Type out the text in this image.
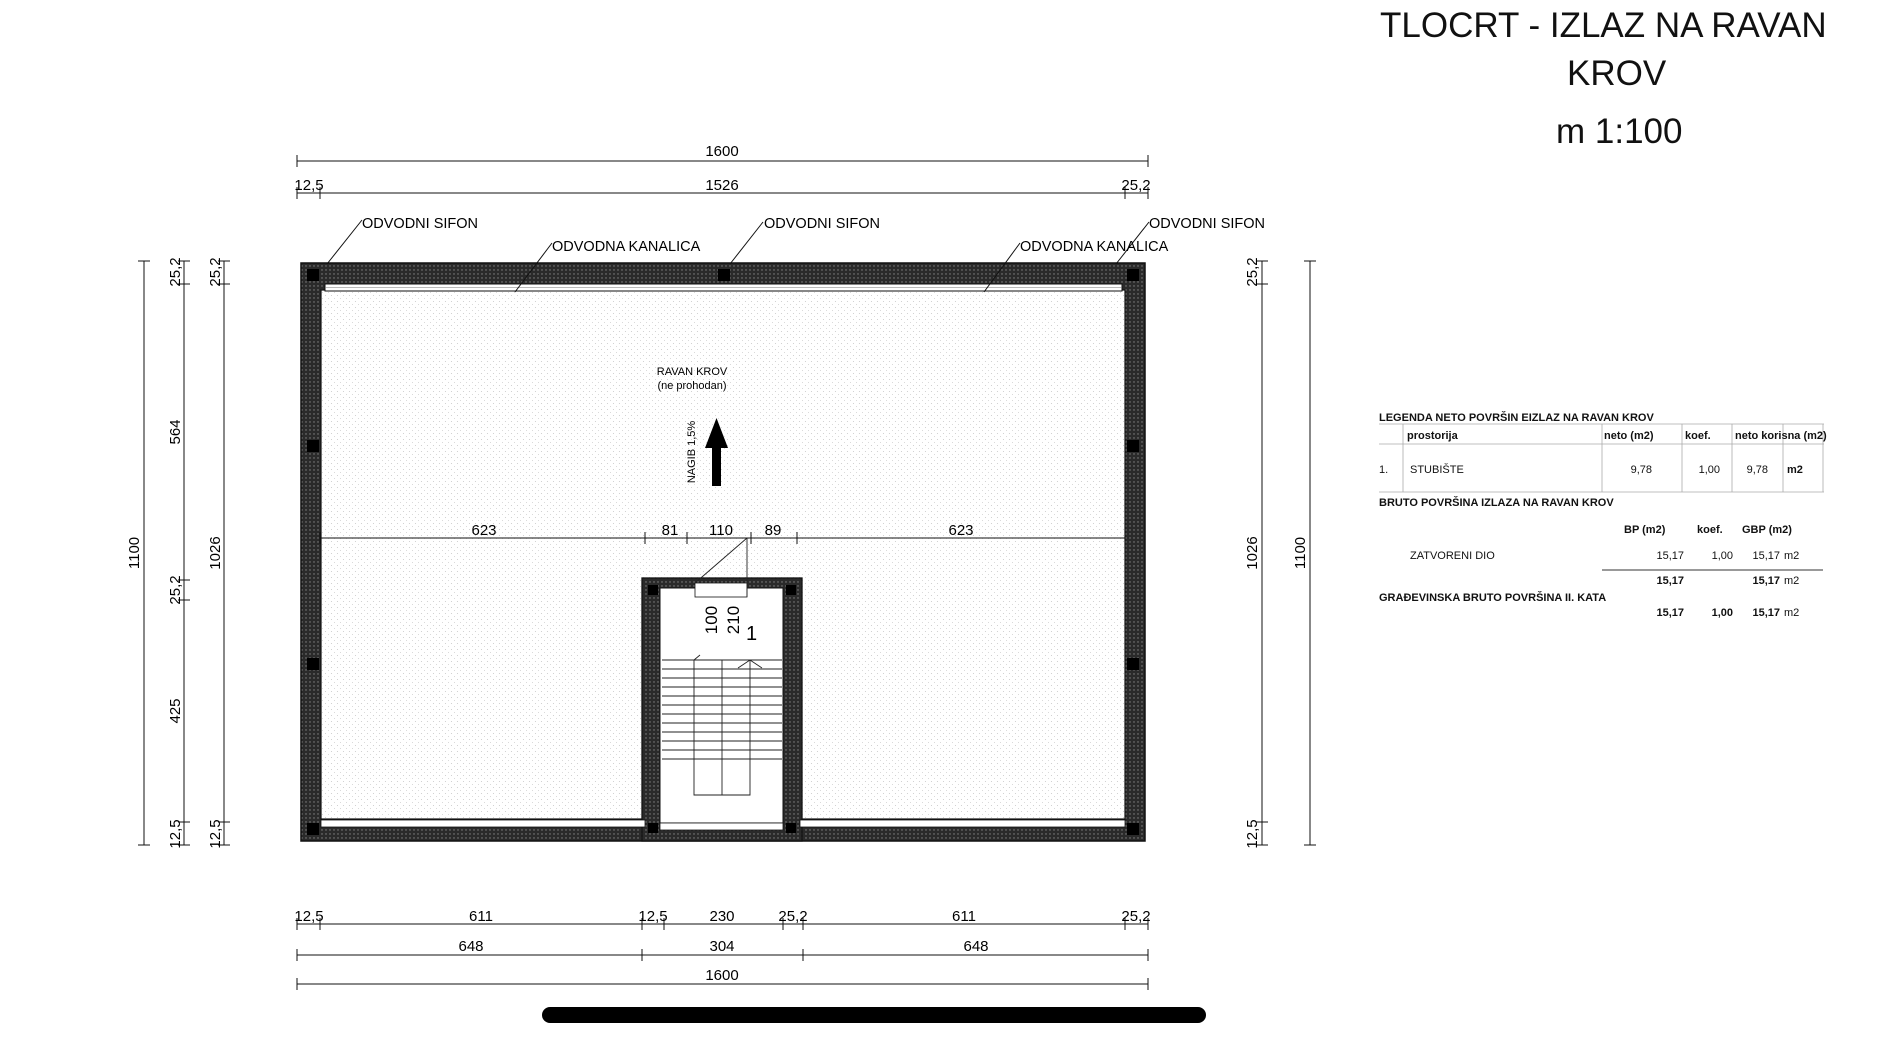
TLOCRT - IZLAZ NA RAVAN
KROV
m 1:100
1600
12,5	1526	25,2
623	81 110 89	623
12,5	611	12,5	230	25,2	611	25,2
648	304	648
1600
1100	1026
25,2 25,2
564
25,2
425
12,5 12,5
1026 1100
25,2
12,5
ODVODNI SIFON
ODVODNA KANALICA
ODVODNI SIFON
ODVODNA KANALICA
ODVODNI SIFON
RAVAN KROV
(ne prohodan)
NAGIB 1,5%
100 210 1
LEGENDA NETO POVRŠIN EIZLAZ NA RAVAN KROV
prostorija	neto (m2)	koef. neto korisna (m2)
1. STUBIŠTE	9,78	1,00 9,78 m2
BRUTO POVRŠINA IZLAZA NA RAVAN KROV
BP (m2)	koef. GBP (m2)
ZATVORENI DIO	15,17	1,00 15,17 m2
15,17	15,17 m2
GRAĐEVINSKA BRUTO POVRŠINA II. KATA
15,17	1,00 15,17 m2
